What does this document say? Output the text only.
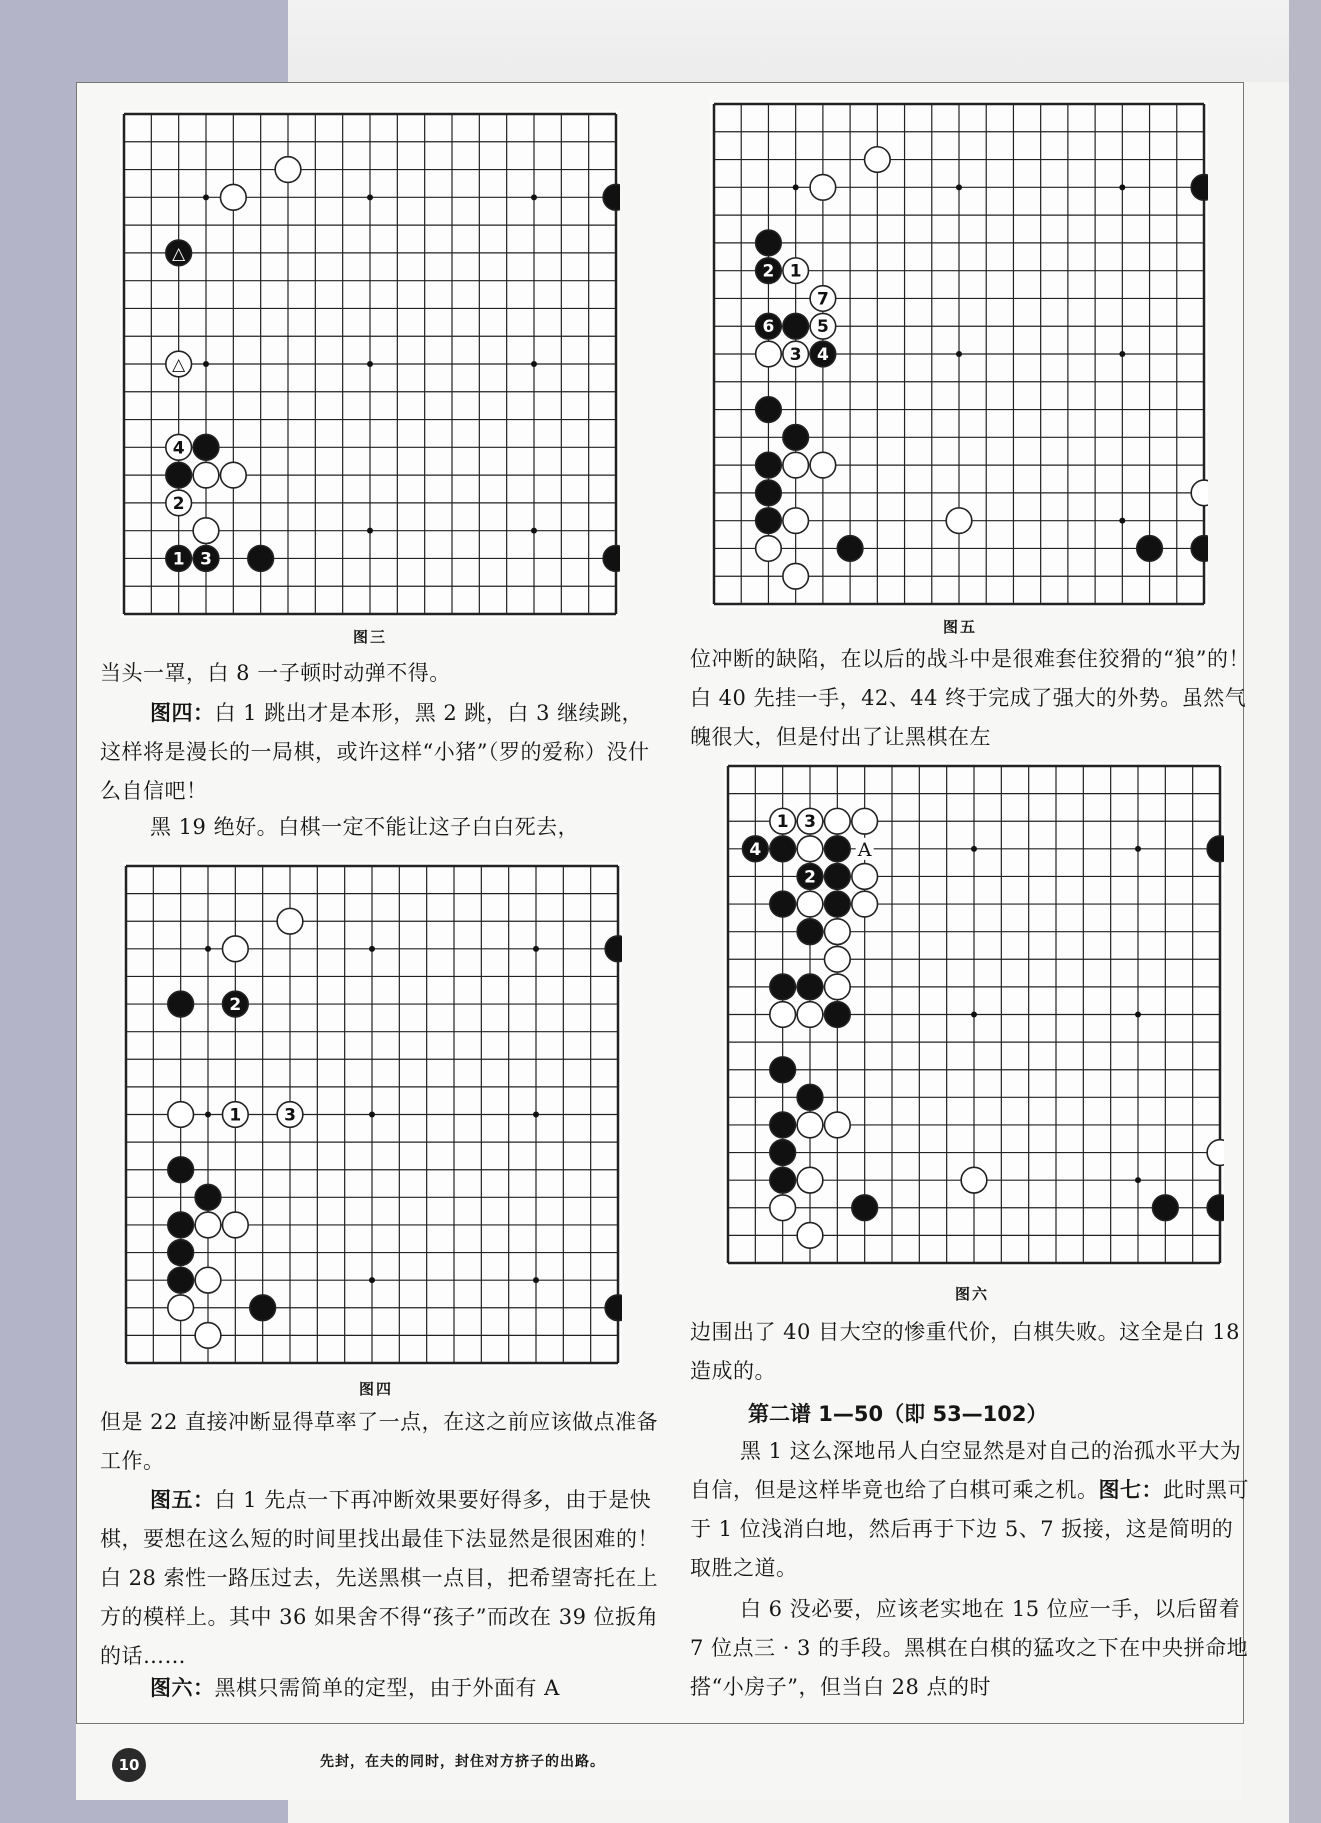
△
△
4
2
1 3
图三
2
1	3
图四
2 1
7
6	5
3 4
图五
1 3
4
2
A
图六
当头一罩，白 8 一子顿时动弹不得。
图四：白 1 跳出才是本形，黑 2 跳，白 3 继续跳，这样将是漫长的一局棋，或许这样“小猪”（罗的爱称）没什么自信吧！
黑 19 绝好。白棋一定不能让这子白白死去，
但是 22 直接冲断显得草率了一点，在这之前应该做点准备工作。
图五：白 1 先点一下再冲断效果要好得多，由于是快棋，要想在这么短的时间里找出最佳下法显然是很困难的！白 28 索性一路压过去，先送黑棋一点目，把希望寄托在上方的模样上。其中 36 如果舍不得“孩子”而改在 39 位扳角的话……
图六：黑棋只需简单的定型，由于外面有 A
位冲断的缺陷，在以后的战斗中是很难套住狡猾的“狼”的！白 40 先挂一手，42、44 终于完成了强大的外势。虽然气魄很大，但是付出了让黑棋在左
边围出了 40 目大空的惨重代价，白棋失败。这全是白 18 造成的。
第二谱 1—50（即 53—102）
黑 1 这么深地吊人白空显然是对自己的治孤水平大为自信，但是这样毕竟也给了白棋可乘之机。图七：此时黑可于 1 位浅消白地，然后再于下边 5、7 扳接，这是简明的取胜之道。
白 6 没必要，应该老实地在 15 位应一手，以后留着 7 位点三 · 3 的手段。黑棋在白棋的猛攻之下在中央拼命地搭“小房子”，但当白 28 点的时
10	先封，在夫的同时，封住对方挤子的出路。
